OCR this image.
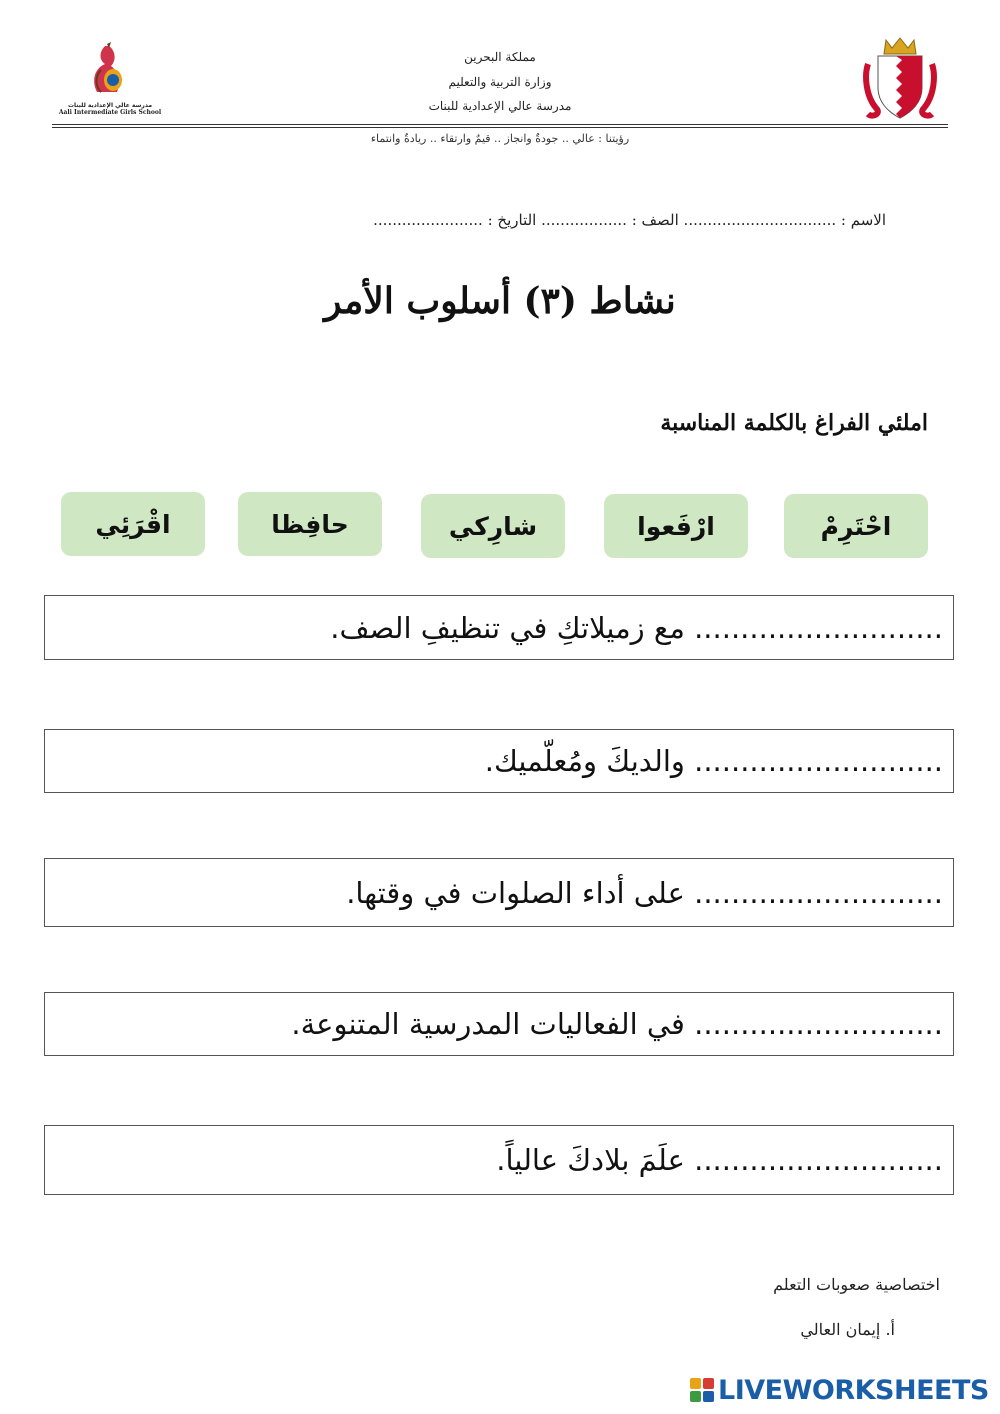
مدرسة عالي الإعدادية للبنات
Aali Intermediate Girls School
مملكة البحرين
وزارة التربية والتعليم
مدرسة عالي الإعدادية للبنات
رؤيتنا : عالي .. جودةٌ وانجاز .. قيمٌ وارتقاء .. ريادةٌ وانتماء
الاسم : ................................ الصف : .................. التاريخ : .......................
نشاط (٣) أسلوب الأمر
املئي الفراغ بالكلمة المناسبة
احْتَرِمْ
ارْفَعوا
شارِكي
حافِظا
اقْرَئِي
........................... مع زميلاتكِ في تنظيفِ الصف.
........................... والديكَ ومُعلّميك.
........................... على أداء الصلوات في وقتها.
........................... في الفعاليات المدرسية المتنوعة.
........................... علَمَ بلادكَ عالياً.
اختصاصية صعوبات التعلم
أ. إيمان العالي
LIVEWORKSHEETS
